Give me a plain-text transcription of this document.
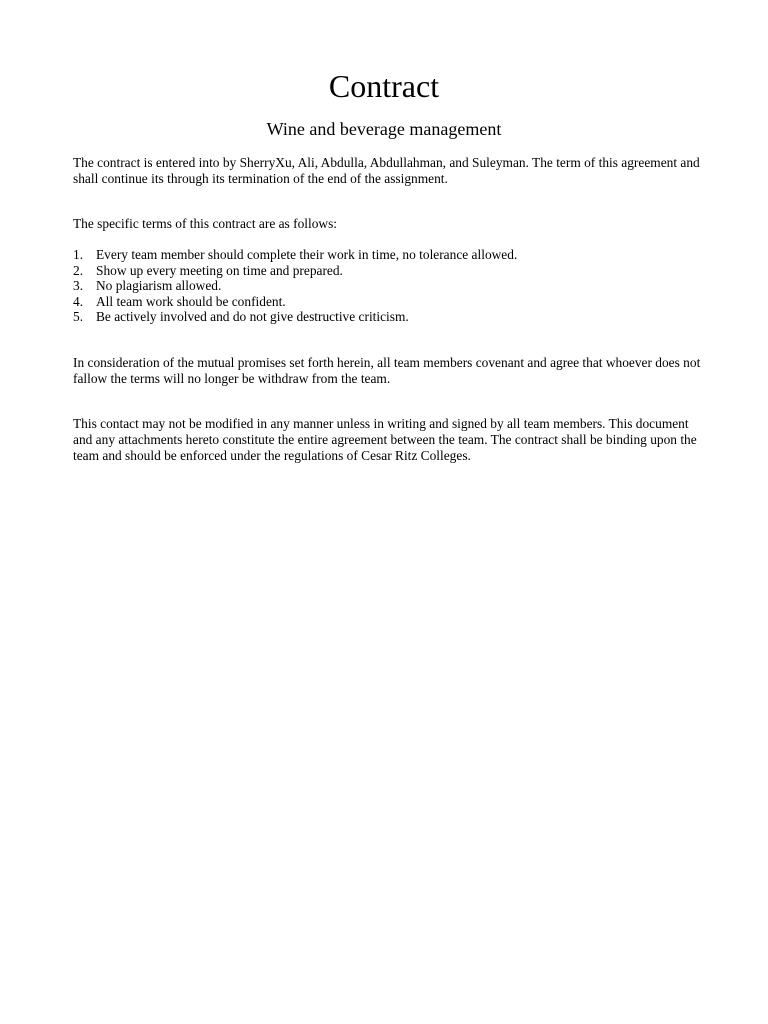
Contract
Wine and beverage management

The contract is entered into by SherryXu, Ali, Abdulla, Abdullahman, and Suleyman. The term of this agreement and shall continue its through its termination of the end of the assignment.

The specific terms of this contract are as follows:

1. Every team member should complete their work in time, no tolerance allowed.
2. Show up every meeting on time and prepared.
3. No plagiarism allowed.
4. All team work should be confident.
5. Be actively involved and do not give destructive criticism.

In consideration of the mutual promises set forth herein, all team members covenant and agree that whoever does not fallow the terms will no longer be withdraw from the team.

This contact may not be modified in any manner unless in writing and signed by all team members. This document and any attachments hereto constitute the entire agreement between the team. The contract shall be binding upon the team and should be enforced under the regulations of Cesar Ritz Colleges.
